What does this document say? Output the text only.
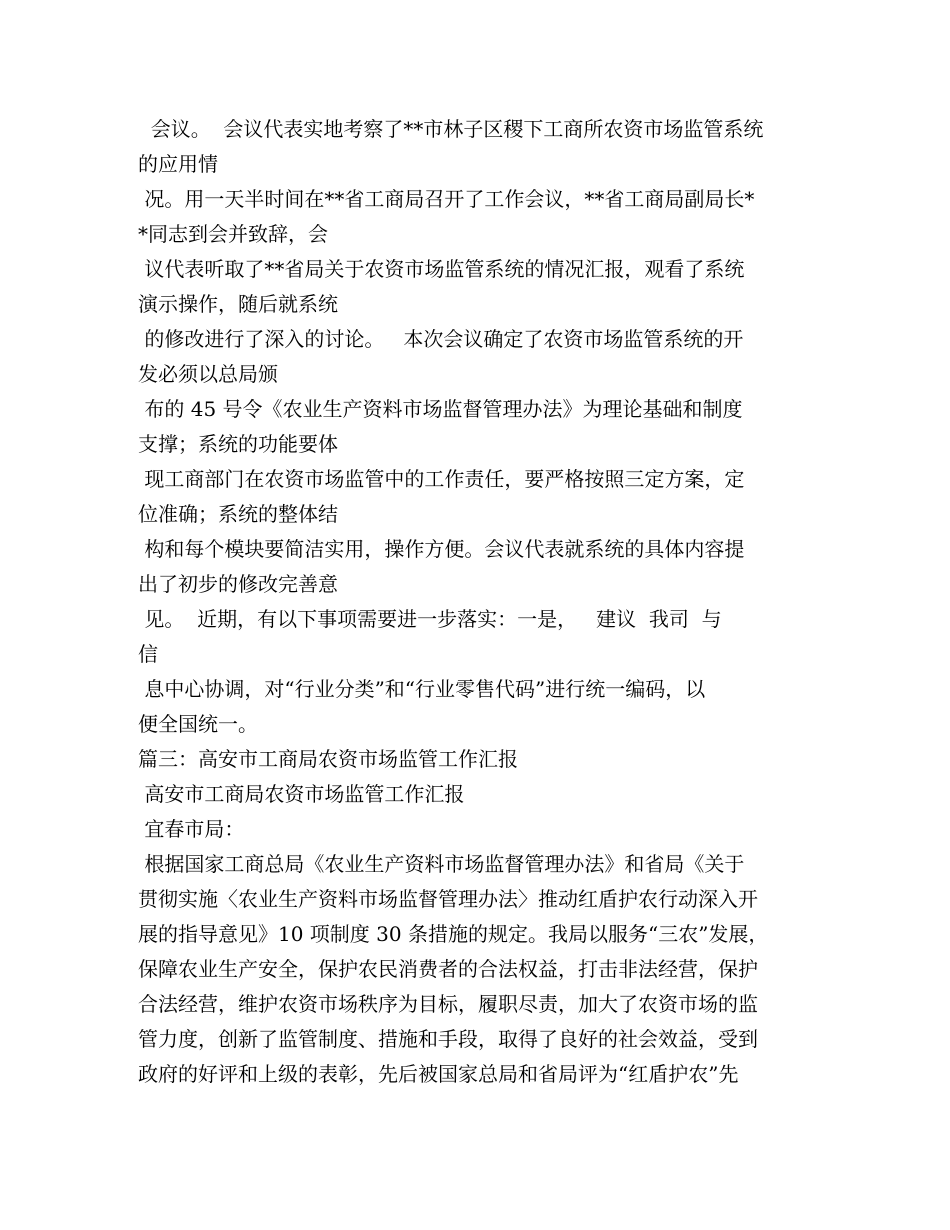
会议。  会议代表实地考察了**市林子区稷下工商所农资市场监管系统
的应用情
况。用一天半时间在**省工商局召开了工作会议，**省工商局副局长*
*同志到会并致辞，会
议代表听取了**省局关于农资市场监管系统的情况汇报，观看了系统
演示操作，随后就系统
的修改进行了深入的讨论。   本次会议确定了农资市场监管系统的开
发必须以总局颁
布的 45 号令《农业生产资料市场监督管理办法》为理论基础和制度
支撑；系统的功能要体
现工商部门在农资市场监管中的工作责任，要严格按照三定方案，定
位准确；系统的整体结
构和每个模块要简洁实用，操作方便。会议代表就系统的具体内容提
出了初步的修改完善意
见。  近期，有以下事项需要进一步落实：一是，   建议  我司  与
信
息中心协调，对“行业分类”和“行业零售代码”进行统一编码，以
便全国统一。
篇三：高安市工商局农资市场监管工作汇报
高安市工商局农资市场监管工作汇报
宜春市局：
根据国家工商总局《农业生产资料市场监督管理办法》和省局《关于
贯彻实施〈农业生产资料市场监督管理办法〉推动红盾护农行动深入开
展的指导意见》10 项制度 30 条措施的规定。我局以服务“三农”发展，
保障农业生产安全，保护农民消费者的合法权益，打击非法经营，保护
合法经营，维护农资市场秩序为目标，履职尽责，加大了农资市场的监
管力度，创新了监管制度、措施和手段，取得了良好的社会效益，受到
政府的好评和上级的表彰，先后被国家总局和省局评为“红盾护农”先
